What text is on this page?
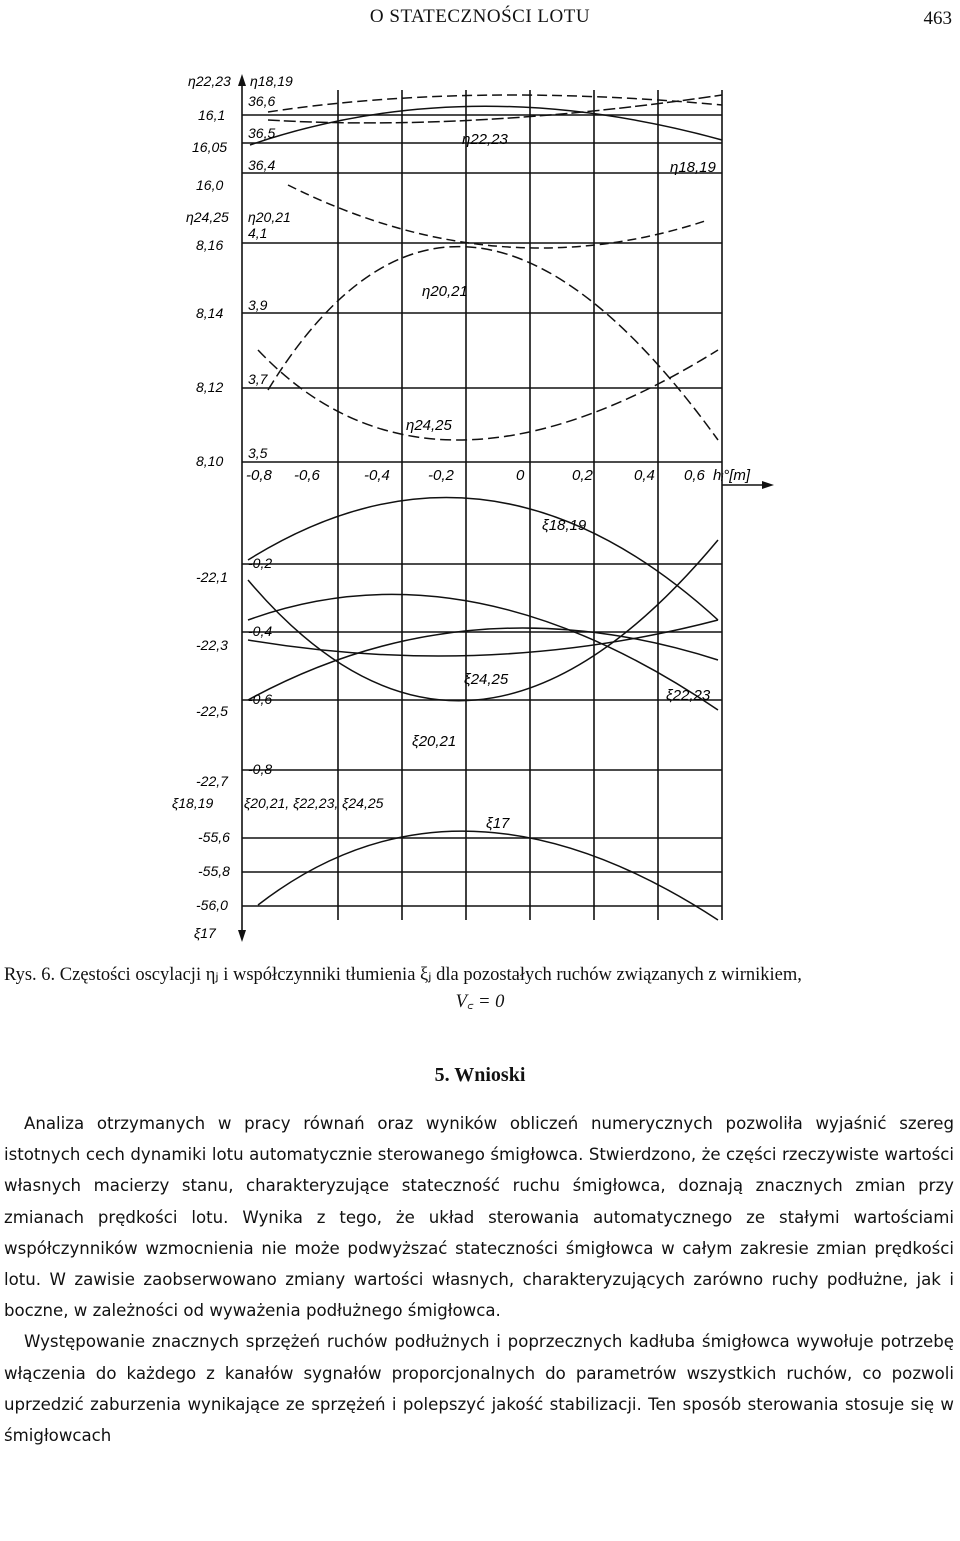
O STATECZNOŚCI LOTU	463
-0,8 -0,6	-0,4	-0,2	0	0,2	0,4 0,6 hᵢ°[m]
η22,23
16,1
16,05
16,0
η24,25
8,16
8,14
8,12
8,10
η18,19
36,6
36,5
36,4
η20,21
4,1
3,9
3,7
3,5
-22,1
-22,3
-22,5
-22,7
ξ18,19
-55,6
-55,8
-56,0
ξ17
-0,2
-0,4
-0,6
-0,8
ξ20,21, ξ22,23, ξ24,25
η22,23
η18,19
η20,21
η24,25
ξ18,19
ξ24,25
ξ22,23
ξ20,21
ξ17
Rys. 6. Częstości oscylacji ηⱼ i współczynniki tłumienia ξⱼ dla pozostałych ruchów związanych z wirnikiem,
V꜀ = 0
5. Wnioski

Analiza otrzymanych w pracy równań oraz wyników obliczeń numerycznych pozwoliła wyjaśnić szereg istotnych cech dynamiki lotu automatycznie sterowanego śmigłowca. Stwierdzono, że części rzeczywiste wartości własnych macierzy stanu, charakteryzujące stateczność ruchu śmigłowca, doznają znacznych zmian przy zmianach prędkości lotu. Wynika z tego, że układ sterowania automatycznego ze stałymi wartościami współczynników wzmocnienia nie może podwyższać stateczności śmigłowca w całym zakresie zmian prędkości lotu. W zawisie zaobserwowano zmiany wartości własnych, charakteryzujących zarówno ruchy podłużne, jak i boczne, w zależności od wyważenia podłużnego śmigłowca.

Występowanie znacznych sprzężeń ruchów podłużnych i poprzecznych kadłuba śmigłowca wywołuje potrzebę włączenia do każdego z kanałów sygnałów proporcjonalnych do parametrów wszystkich ruchów, co pozwoli uprzedzić zaburzenia wynikające ze sprzężeń i polepszyć jakość stabilizacji. Ten sposób sterowania stosuje się w śmigłowcach
